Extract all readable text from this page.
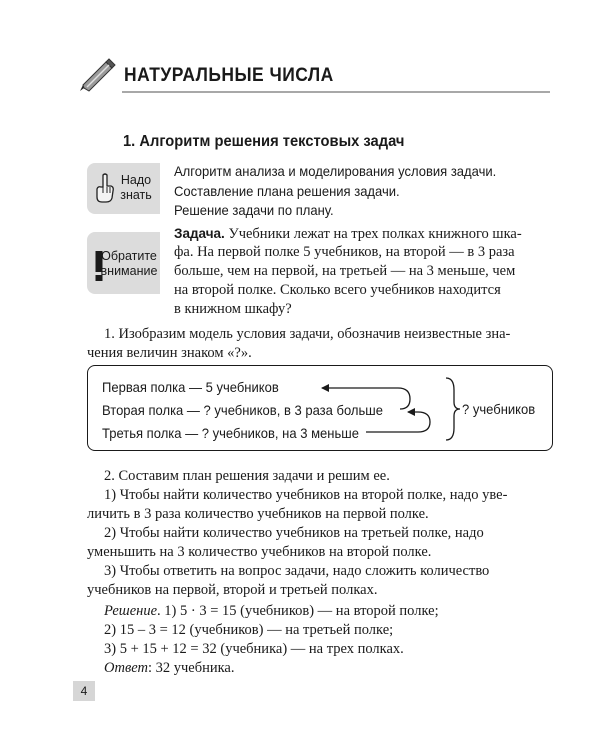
НАТУРАЛЬНЫЕ ЧИСЛА
1. Алгоритм решения текстовых задач
Надо
знать
Алгоритм анализа и моделирования условия задачи.
Составление плана решения задачи.
Решение задачи по плану.
Обратите
внимание
Задача. Учебники лежат на трех полках книжного шка-
фа. На первой полке 5 учебников, на второй — в 3 раза
больше, чем на первой, на третьей — на 3 меньше, чем
на второй полке. Сколько всего учебников находится
в книжном шкафу?
1. Изобразим модель условия задачи, обозначив неизвестные зна-
чения величин знаком «?».
Первая полка — 5 учебников
Вторая полка — ? учебников, в 3 раза больше
Третья полка — ? учебников, на 3 меньше
? учебников
2. Составим план решения задачи и решим ее.
1) Чтобы найти количество учебников на второй полке, надо уве-
личить в 3 раза количество учебников на первой полке.
2) Чтобы найти количество учебников на третьей полке, надо
уменьшить на 3 количество учебников на второй полке.
3) Чтобы ответить на вопрос задачи, надо сложить количество
учебников на первой, второй и третьей полках.
Решение. 1) 5 · 3 = 15 (учебников) — на второй полке;
2) 15 – 3 = 12 (учебников) — на третьей полке;
3) 5 + 15 + 12 = 32 (учебника) — на трех полках.
Ответ: 32 учебника.
4
